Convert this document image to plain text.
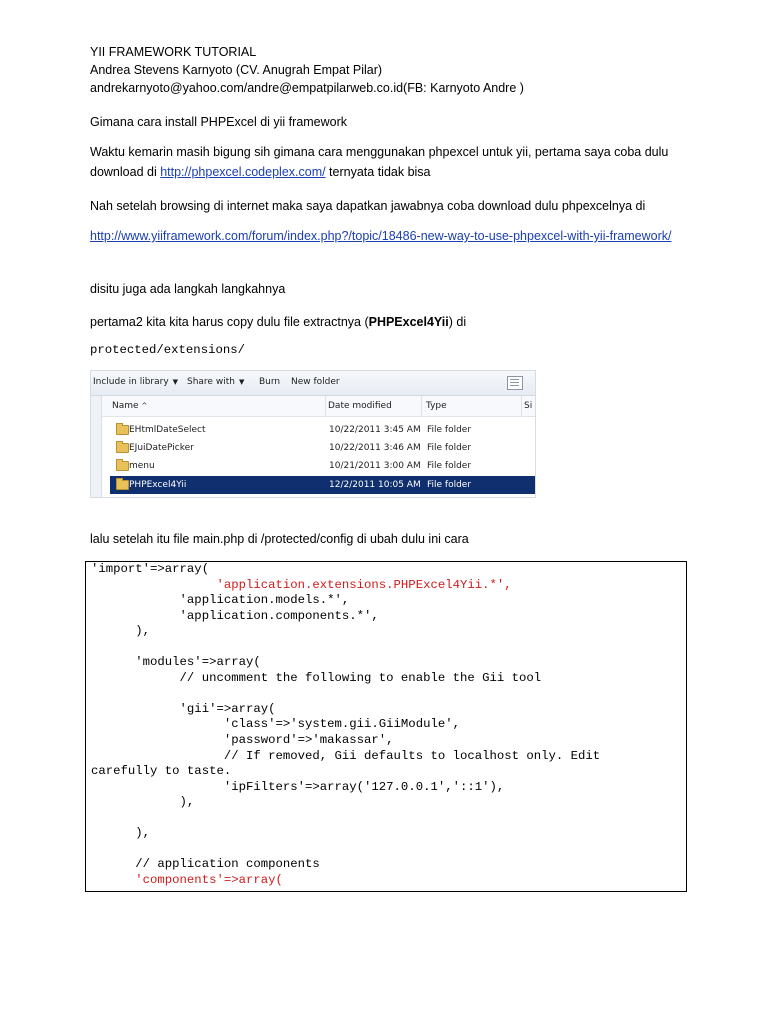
YII FRAMEWORK TUTORIAL
Andrea Stevens Karnyoto (CV. Anugrah Empat Pilar)
andrekarnyoto@yahoo.com/andre@empatpilarweb.co.id(FB: Karnyoto Andre )
Gimana cara install PHPExcel di yii framework
Waktu kemarin masih bigung sih gimana cara menggunakan phpexcel untuk yii, pertama saya coba dulu download di http://phpexcel.codeplex.com/ ternyata tidak bisa
Nah setelah browsing di internet maka saya dapatkan jawabnya coba download dulu phpexcelnya di
http://www.yiiframework.com/forum/index.php?/topic/18486-new-way-to-use-phpexcel-with-yii-framework/
disitu juga ada langkah langkahnya
pertama2 kita kita harus copy dulu file extractnya (PHPExcel4Yii) di
protected/extensions/
Include in library ▼ Share with ▼ Burn New folder
Name ^	Date modified	Type	Si
EHtmlDateSelect	10/22/2011 3:45 AM File folder
EJuiDatePicker	10/22/2011 3:46 AM File folder
menu	10/21/2011 3:00 AM File folder
PHPExcel4Yii	12/2/2011 10:05 AM File folder
lalu setelah itu file main.php di /protected/config di ubah dulu ini cara
'import'=>array(
'application.extensions.PHPExcel4Yii.*',
'application.models.*',
'application.components.*',
),
'modules'=>array(
// uncomment the following to enable the Gii tool
'gii'=>array(
'class'=>'system.gii.GiiModule',
'password'=>'makassar',
// If removed, Gii defaults to localhost only. Edit
carefully to taste.
'ipFilters'=>array('127.0.0.1','::1'),
),
),
// application components
'components'=>array(
